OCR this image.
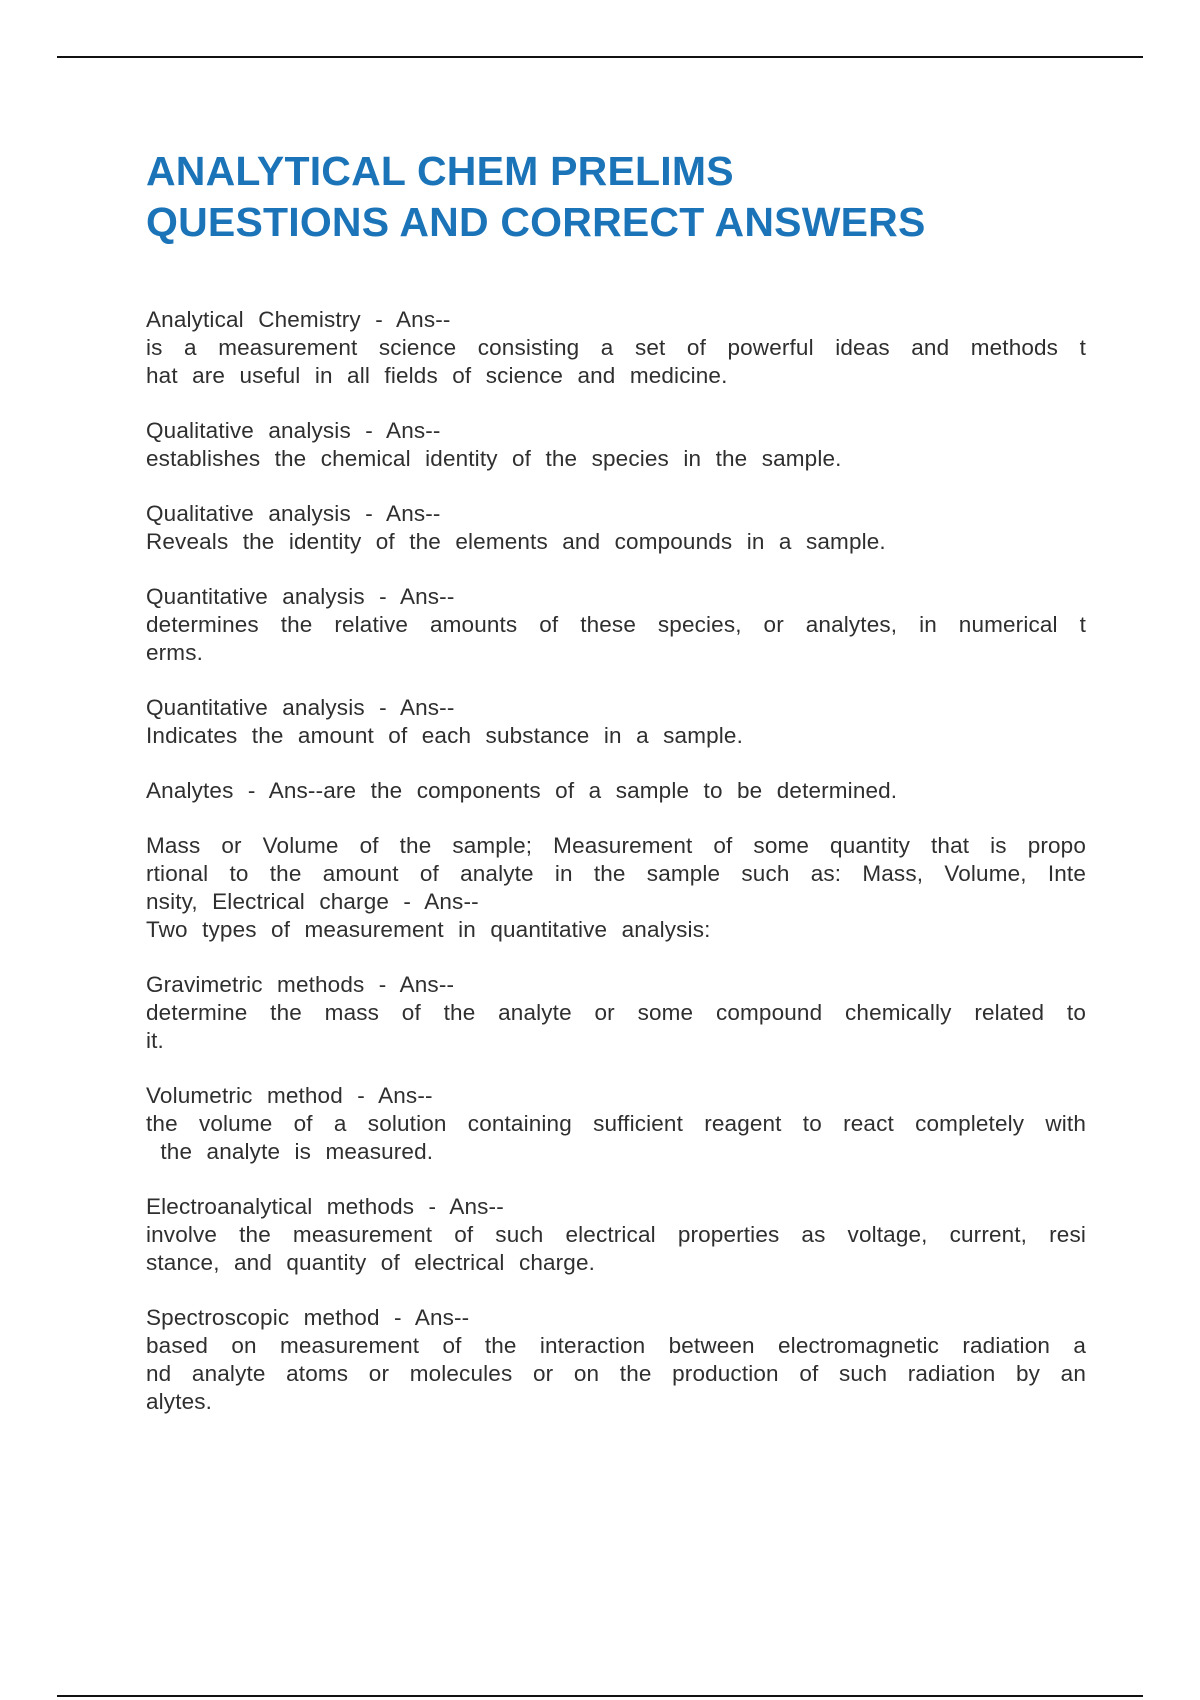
ANALYTICAL CHEM PRELIMS
QUESTIONS AND CORRECT ANSWERS
Analytical Chemistry - Ans--
is a measurement science consisting a set of powerful ideas and methods t
hat are useful in all fields of science and medicine.
Qualitative analysis - Ans--
establishes the chemical identity of the species in the sample.
Qualitative analysis - Ans--
Reveals the identity of the elements and compounds in a sample.
Quantitative analysis - Ans--
determines the relative amounts of these species, or analytes, in numerical t
erms.
Quantitative analysis - Ans--
Indicates the amount of each substance in a sample.
Analytes - Ans--are the components of a sample to be determined.
Mass or Volume of the sample; Measurement of some quantity that is propo
rtional to the amount of analyte in the sample such as: Mass, Volume, Inte
nsity, Electrical charge - Ans--
Two types of measurement in quantitative analysis:
Gravimetric methods - Ans--
determine the mass of the analyte or some compound chemically related to
it.
Volumetric method - Ans--
the volume of a solution containing sufficient reagent to react completely with
the analyte is measured.
Electroanalytical methods - Ans--
involve the measurement of such electrical properties as voltage, current, resi
stance, and quantity of electrical charge.
Spectroscopic method - Ans--
based on measurement of the interaction between electromagnetic radiation a
nd analyte atoms or molecules or on the production of such radiation by an
alytes.
